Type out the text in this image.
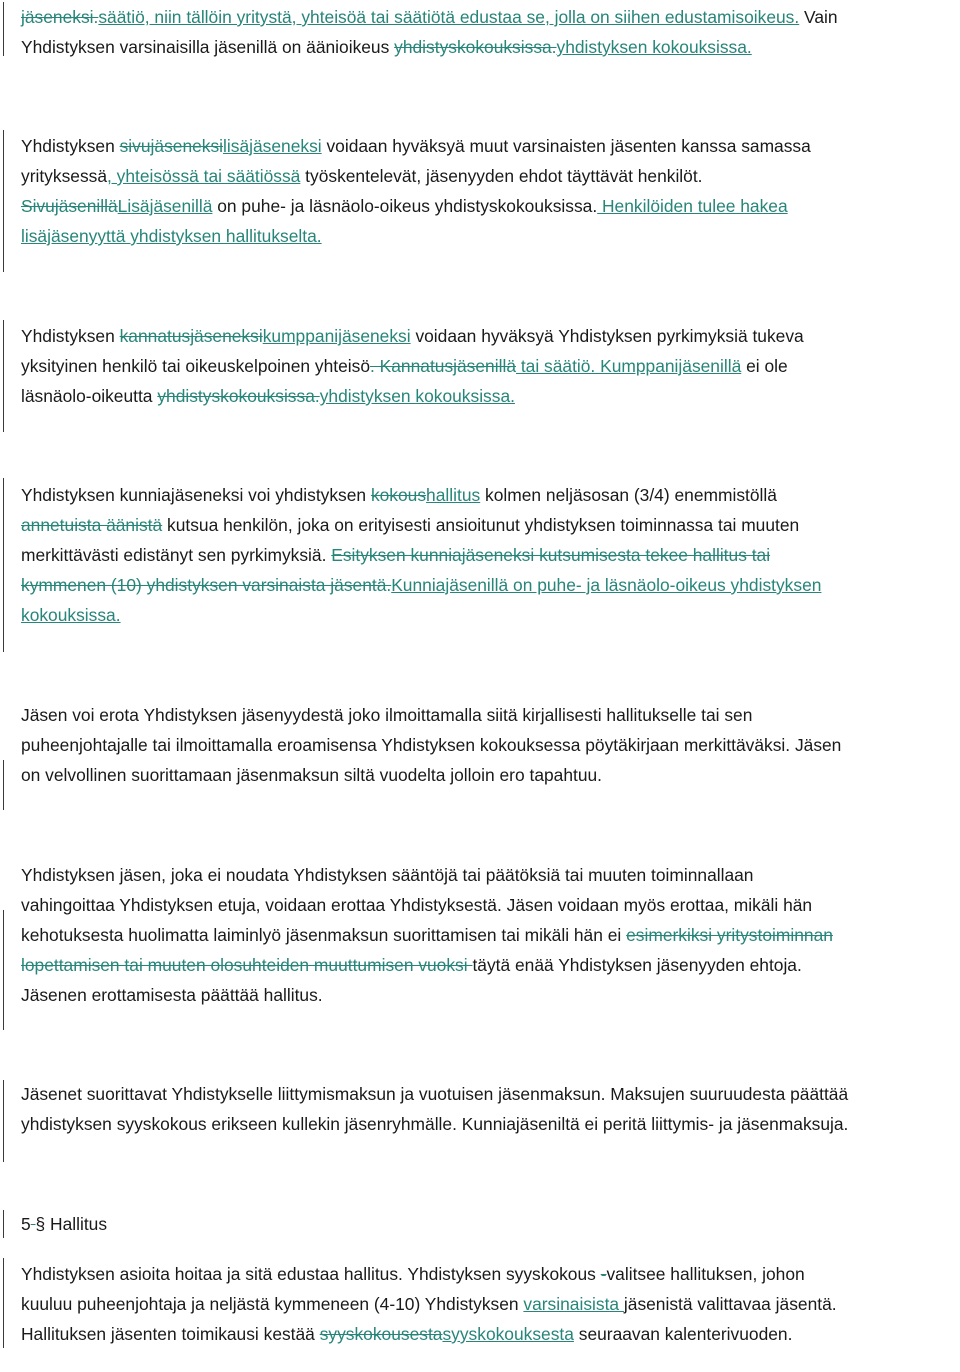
jäseneksi.säätiö, niin tällöin yritystä, yhteisöä tai säätiötä edustaa se, jolla on siihen edustamisoikeus. Vain
Yhdistyksen varsinaisilla jäsenillä on äänioikeus yhdistyskokouksissa.yhdistyksen kokouksissa.
Yhdistyksen sivujäseneksilisäjäseneksi voidaan hyväksyä muut varsinaisten jäsenten kanssa samassa
yrityksessä, yhteisössä tai säätiössä työskentelevät, jäsenyyden ehdot täyttävät henkilöt.
SivujäsenilläLisäjäsenillä on puhe- ja läsnäolo-oikeus yhdistyskokouksissa. Henkilöiden tulee hakea
lisäjäsenyyttä yhdistyksen hallitukselta.
Yhdistyksen kannatusjäseneksikumppanijäseneksi voidaan hyväksyä Yhdistyksen pyrkimyksiä tukeva
yksityinen henkilö tai oikeuskelpoinen yhteisö. Kannatusjäsenillä tai säätiö. Kumppanijäsenillä ei ole
läsnäolo-oikeutta yhdistyskokouksissa.yhdistyksen kokouksissa.
Yhdistyksen kunniajäseneksi voi yhdistyksen kokoushallitus kolmen neljäsosan (3/4) enemmistöllä
annetuista äänistä kutsua henkilön, joka on erityisesti ansioitunut yhdistyksen toiminnassa tai muuten
merkittävästi edistänyt sen pyrkimyksiä. Esityksen kunniajäseneksi kutsumisesta tekee hallitus tai
kymmenen (10) yhdistyksen varsinaista jäsentä.Kunniajäsenillä on puhe- ja läsnäolo-oikeus yhdistyksen
kokouksissa.
Jäsen voi erota Yhdistyksen jäsenyydestä joko ilmoittamalla siitä kirjallisesti hallitukselle tai sen
puheenjohtajalle tai ilmoittamalla eroamisensa Yhdistyksen kokouksessa pöytäkirjaan merkittäväksi. Jäsen
on velvollinen suorittamaan jäsenmaksun siltä vuodelta jolloin ero tapahtuu.
Yhdistyksen jäsen, joka ei noudata Yhdistyksen sääntöjä tai päätöksiä tai muuten toiminnallaan
vahingoittaa Yhdistyksen etuja, voidaan erottaa Yhdistyksestä. Jäsen voidaan myös erottaa, mikäli hän
kehotuksesta huolimatta laiminlyö jäsenmaksun suorittamisen tai mikäli hän ei esimerkiksi yritystoiminnan
lopettamisen tai muuten olosuhteiden muuttumisen vuoksi täytä enää Yhdistyksen jäsenyyden ehtoja.
Jäsenen erottamisesta päättää hallitus.
Jäsenet suorittavat Yhdistykselle liittymismaksun ja vuotuisen jäsenmaksun. Maksujen suuruudesta päättää
yhdistyksen syyskokous erikseen kullekin jäsenryhmälle. Kunniajäseniltä ei peritä liittymis- ja jäsenmaksuja.
5 § Hallitus
Yhdistyksen asioita hoitaa ja sitä edustaa hallitus. Yhdistyksen syyskokous -valitsee hallituksen, johon
kuuluu puheenjohtaja ja neljästä kymmeneen (4-10) Yhdistyksen varsinaisista jäsenistä valittavaa jäsentä.
Hallituksen jäsenten toimikausi kestää syyskokousestasyyskokouksesta seuraavan kalenterivuoden.
